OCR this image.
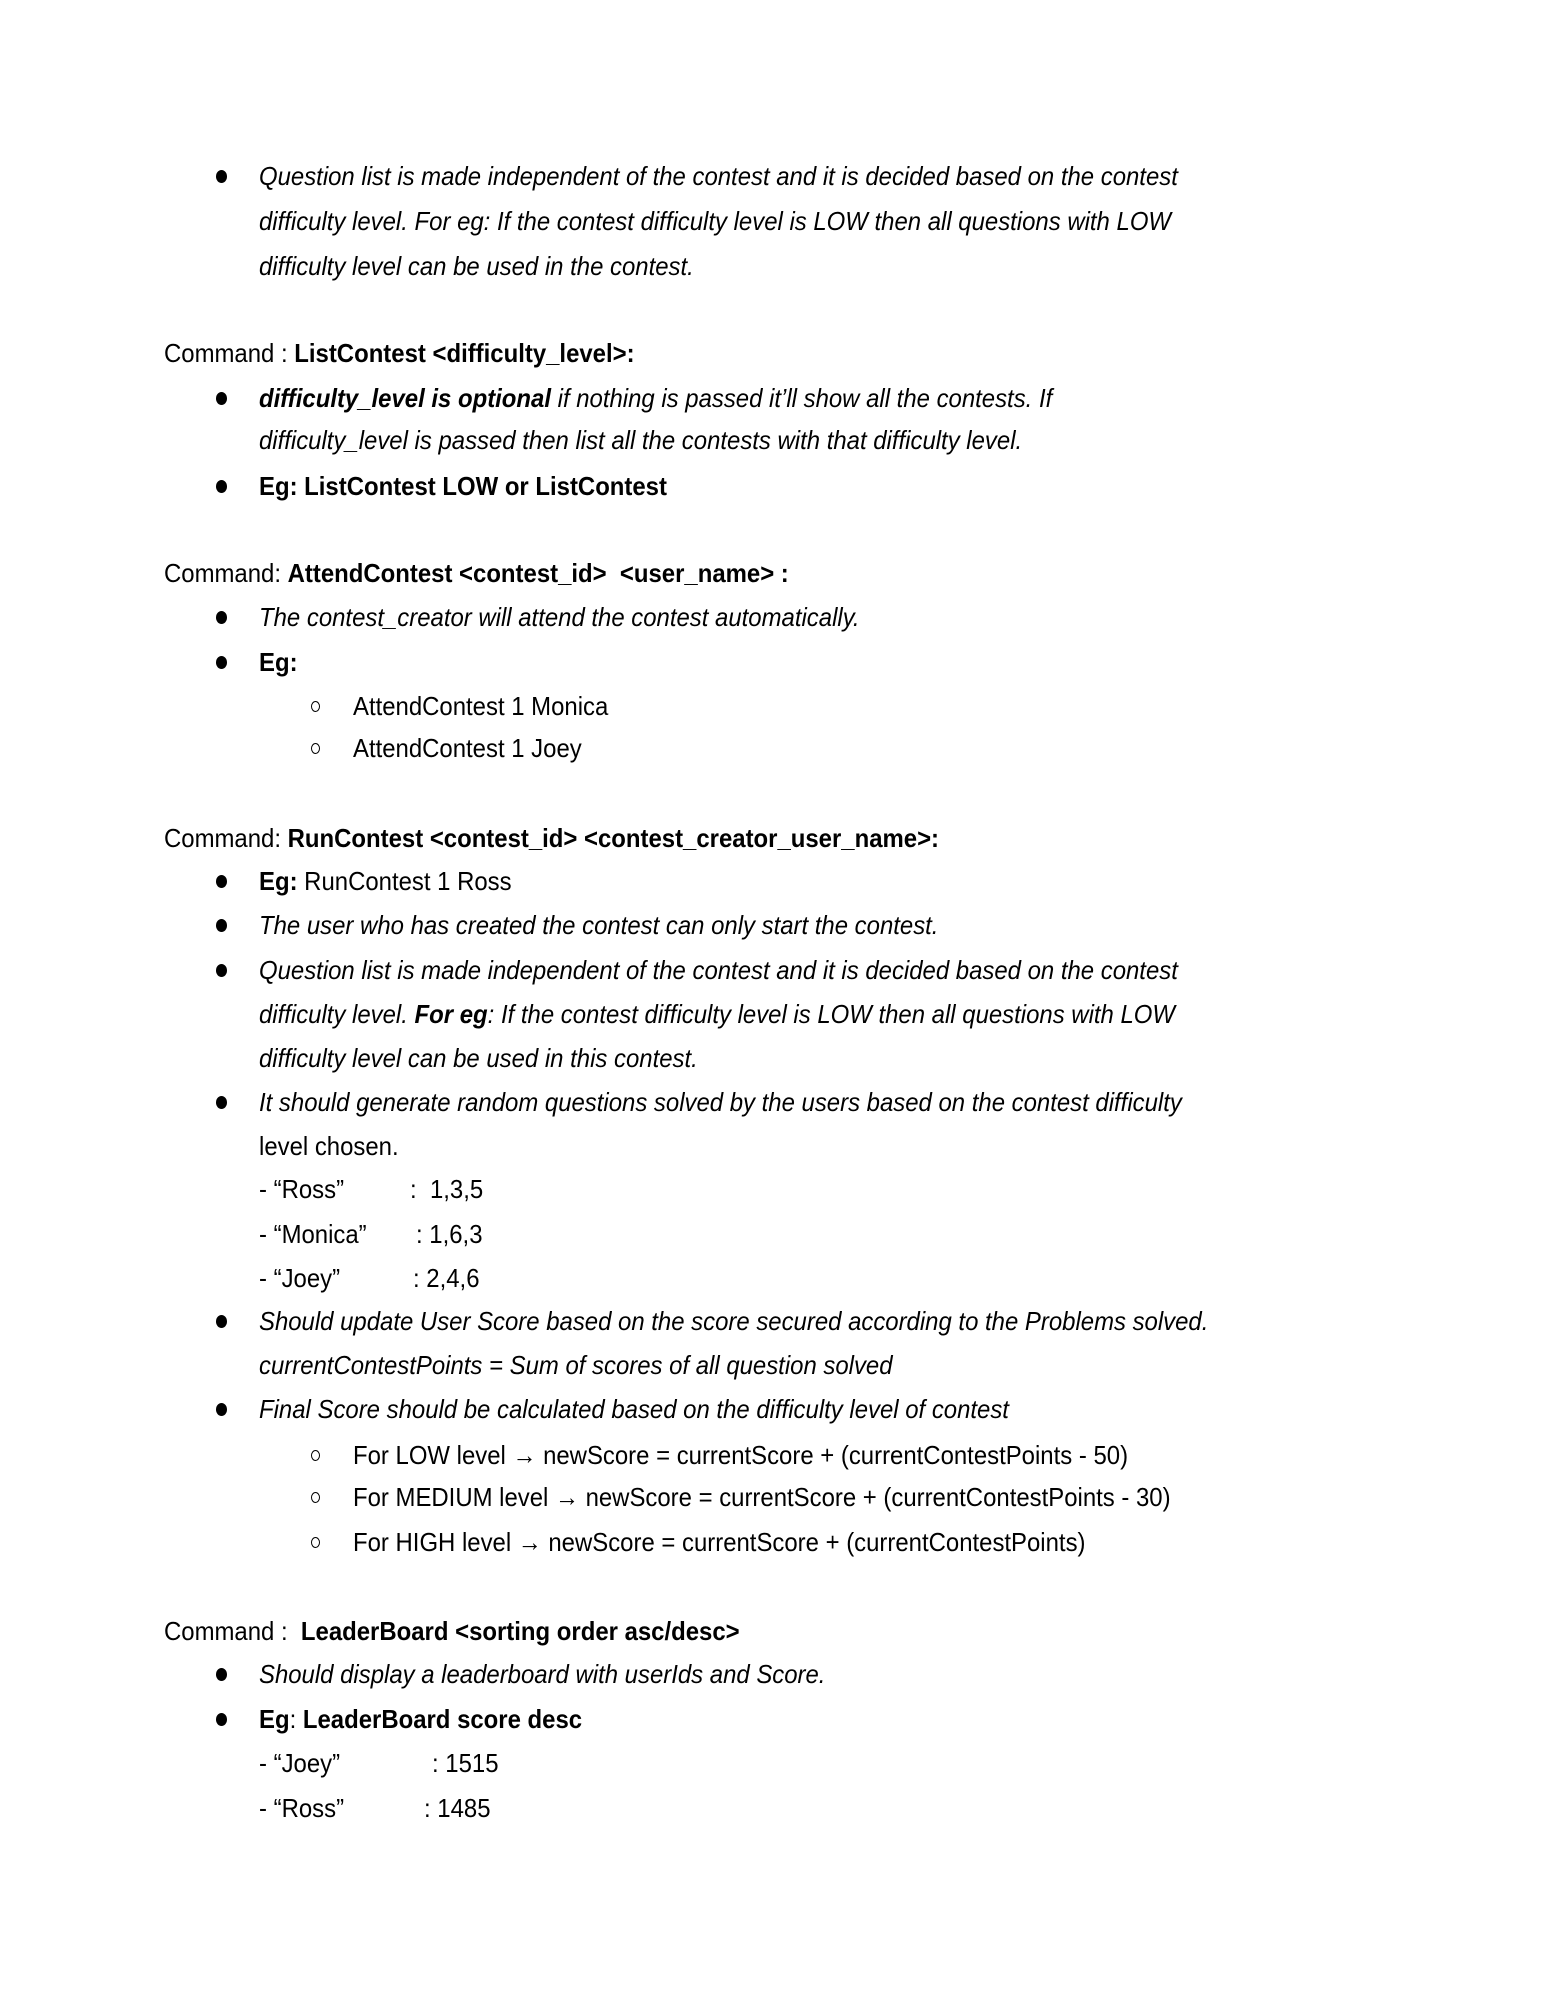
Question list is made independent of the contest and it is decided based on the contest
difficulty level. For eg: If the contest difficulty level is LOW then all questions with LOW
difficulty level can be used in the contest.
Command : ListContest <difficulty_level>:
difficulty_level is optional if nothing is passed it’ll show all the contests. If
difficulty_level is passed then list all the contests with that difficulty level.
Eg: ListContest LOW or ListContest
Command: AttendContest <contest_id>  <user_name> :
The contest_creator will attend the contest automatically.
Eg:
AttendContest 1 Monica
AttendContest 1 Joey
Command: RunContest <contest_id> <contest_creator_user_name>:
Eg: RunContest 1 Ross
The user who has created the contest can only start the contest.
Question list is made independent of the contest and it is decided based on the contest
difficulty level. For eg: If the contest difficulty level is LOW then all questions with LOW
difficulty level can be used in this contest.
It should generate random questions solved by the users based on the contest difficulty
level chosen.
- “Ross”	:  1,3,5
- “Monica” : 1,6,3
- “Joey”	: 2,4,6
Should update User Score based on the score secured according to the Problems solved.
currentContestPoints = Sum of scores of all question solved
Final Score should be calculated based on the difficulty level of contest
For LOW level → newScore = currentScore + (currentContestPoints - 50)
For MEDIUM level → newScore = currentScore + (currentContestPoints - 30)
For HIGH level → newScore = currentScore + (currentContestPoints)
Command :  LeaderBoard <sorting order asc/desc>
Should display a leaderboard with userIds and Score.
Eg: LeaderBoard score desc
- “Joey”	: 1515
- “Ross”	: 1485
